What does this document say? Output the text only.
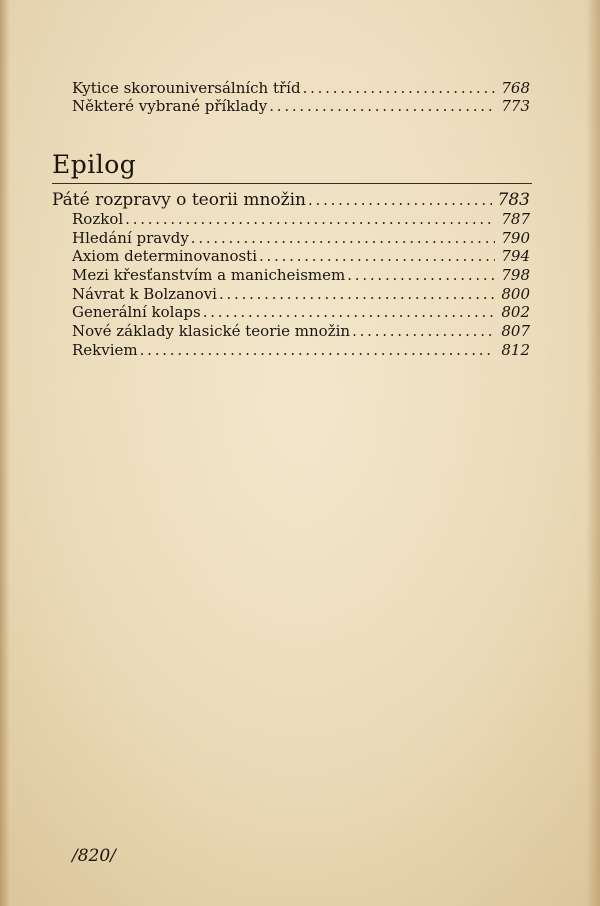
Kytice skorouniversálních tříd . . .	768
Některé vybrané příklady . . .	773
Epilog
Páté rozpravy o teorii množin . . .	783
Rozkol . . .	787
Hledání pravdy . . .	790
Axiom determinovanosti . . .	794
Mezi křesťanstvím a manicheismem . . .	798
Návrat k Bolzanovi . . .	800
Generální kolaps . . .	802
Nové základy klasické teorie množin . . .	807
Rekviem . . .	812
/820/
